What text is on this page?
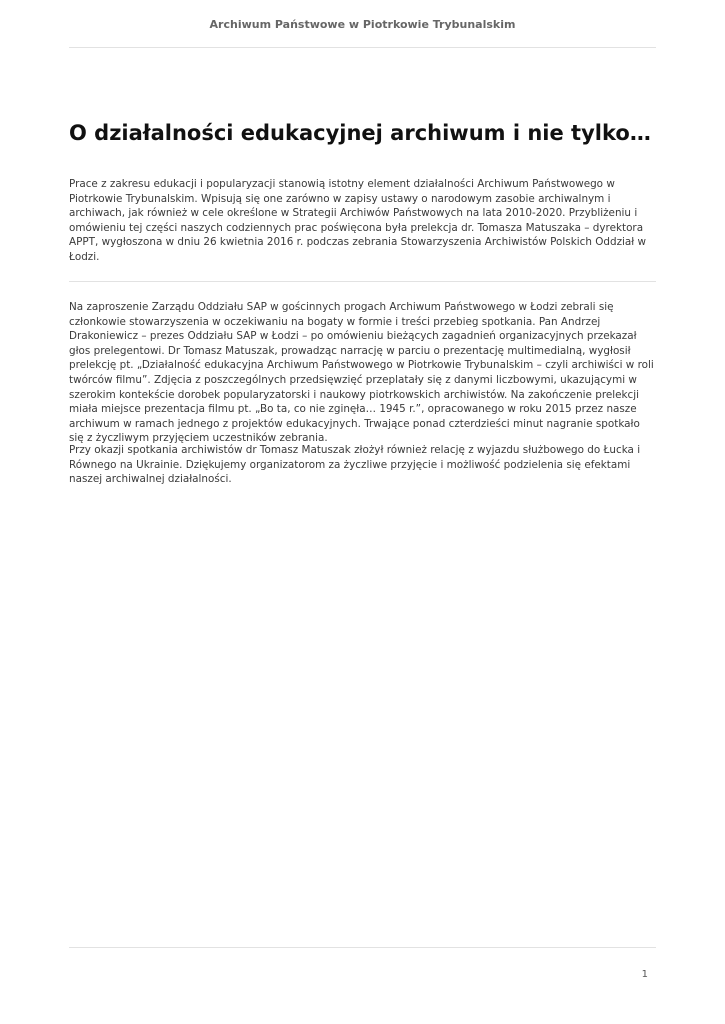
Archiwum Państwowe w Piotrkowie Trybunalskim
O działalności edukacyjnej archiwum i nie tylko…

Prace z zakresu edukacji i popularyzacji stanowią istotny element działalności Archiwum Państwowego w Piotrkowie Trybunalskim. Wpisują się one zarówno w zapisy ustawy o narodowym zasobie archiwalnym i archiwach, jak również w cele określone w Strategii Archiwów Państwowych na lata 2010-2020. Przybliżeniu i omówieniu tej części naszych codziennych prac poświęcona była prelekcja dr. Tomasza Matuszaka – dyrektora APPT, wygłoszona w dniu 26 kwietnia 2016 r. podczas zebrania Stowarzyszenia Archiwistów Polskich Oddział w Łodzi.

Na zaproszenie Zarządu Oddziału SAP w gościnnych progach Archiwum Państwowego w Łodzi zebrali się członkowie stowarzyszenia w oczekiwaniu na bogaty w formie i treści przebieg spotkania. Pan Andrzej Drakoniewicz – prezes Oddziału SAP w Łodzi – po omówieniu bieżących zagadnień organizacyjnych przekazał głos prelegentowi. Dr Tomasz Matuszak, prowadząc narrację w parciu o prezentację multimedialną, wygłosił prelekcję pt. „Działalność edukacyjna Archiwum Państwowego w Piotrkowie Trybunalskim – czyli archiwiści w roli twórców filmu”. Zdjęcia z poszczególnych przedsięwzięć przeplatały się z danymi liczbowymi, ukazującymi w szerokim kontekście dorobek popularyzatorski i naukowy piotrkowskich archiwistów. Na zakończenie prelekcji miała miejsce prezentacja filmu pt. „Bo ta, co nie zginęła… 1945 r.”, opracowanego w roku 2015 przez nasze archiwum w ramach jednego z projektów edukacyjnych. Trwające ponad czterdzieści minut nagranie spotkało się z życzliwym przyjęciem uczestników zebrania.

Przy okazji spotkania archiwistów dr Tomasz Matuszak złożył również relację z wyjazdu służbowego do Łucka i Równego na Ukrainie. Dziękujemy organizatorom za życzliwe przyjęcie i możliwość podzielenia się efektami naszej archiwalnej działalności.

1
